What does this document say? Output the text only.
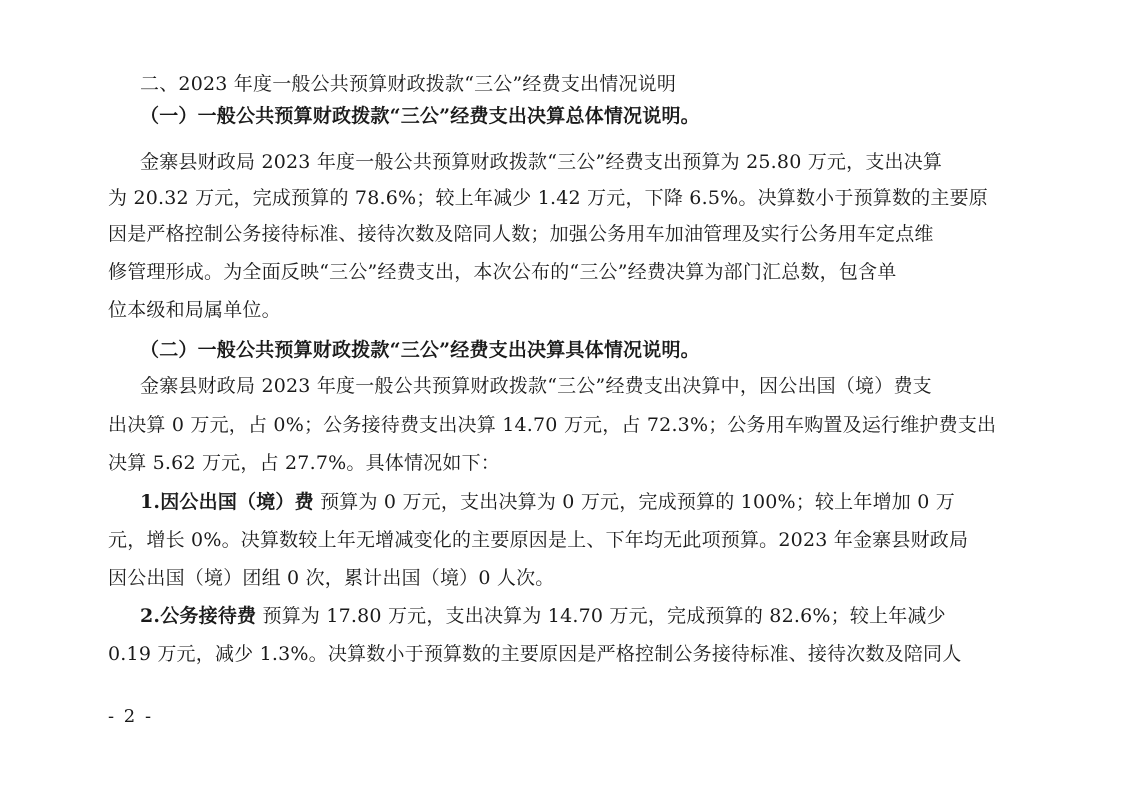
二、2023 年度一般公共预算财政拨款“三公”经费支出情况说明
（一）一般公共预算财政拨款“三公”经费支出决算总体情况说明。
金寨县财政局 2023 年度一般公共预算财政拨款“三公”经费支出预算为 25.80 万元，支出决算
为 20.32 万元，完成预算的 78.6%；较上年减少 1.42 万元，下降 6.5%。决算数小于预算数的主要原
因是严格控制公务接待标准、接待次数及陪同人数；加强公务用车加油管理及实行公务用车定点维
修管理形成。为全面反映“三公”经费支出，本次公布的“三公”经费决算为部门汇总数，包含单
位本级和局属单位。
（二）一般公共预算财政拨款“三公”经费支出决算具体情况说明。
金寨县财政局 2023 年度一般公共预算财政拨款“三公”经费支出决算中，因公出国（境）费支
出决算 0 万元，占 0%；公务接待费支出决算 14.70 万元，占 72.3%；公务用车购置及运行维护费支出
决算 5.62 万元，占 27.7%。具体情况如下：
1.因公出国（境）费 预算为 0 万元，支出决算为 0 万元，完成预算的 100%；较上年增加 0 万
元，增长 0%。决算数较上年无增减变化的主要原因是上、下年均无此项预算。2023 年金寨县财政局
因公出国（境）团组 0 次，累计出国（境）0 人次。
2.公务接待费 预算为 17.80 万元，支出决算为 14.70 万元，完成预算的 82.6%；较上年减少
0.19 万元，减少 1.3%。决算数小于预算数的主要原因是严格控制公务接待标准、接待次数及陪同人
- 2 -
